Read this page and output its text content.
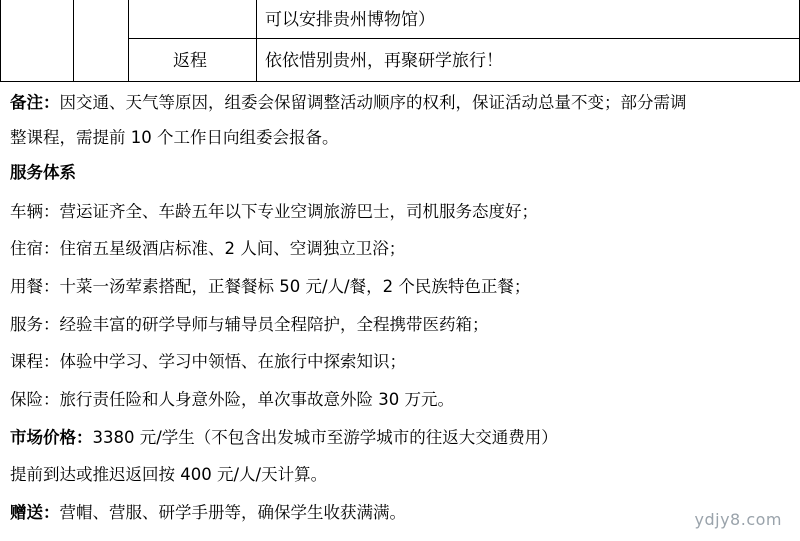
可以安排贵州博物馆）
返程	依依惜别贵州，再聚研学旅行！
备注：因交通、天气等原因，组委会保留调整活动顺序的权利，保证活动总量不变；部分需调
整课程，需提前 10 个工作日向组委会报备。
服务体系
车辆：营运证齐全、车龄五年以下专业空调旅游巴士，司机服务态度好；
住宿：住宿五星级酒店标准、2 人间、空调独立卫浴；
用餐：十菜一汤荤素搭配，正餐餐标 50 元/人/餐，2 个民族特色正餐；
服务：经验丰富的研学导师与辅导员全程陪护，全程携带医药箱；
课程：体验中学习、学习中领悟、在旅行中探索知识；
保险：旅行责任险和人身意外险，单次事故意外险 30 万元。
市场价格：3380 元/学生（不包含出发城市至游学城市的往返大交通费用）
提前到达或推迟返回按 400 元/人/天计算。
赠送：营帽、营服、研学手册等，确保学生收获满满。	ydjy8.com
